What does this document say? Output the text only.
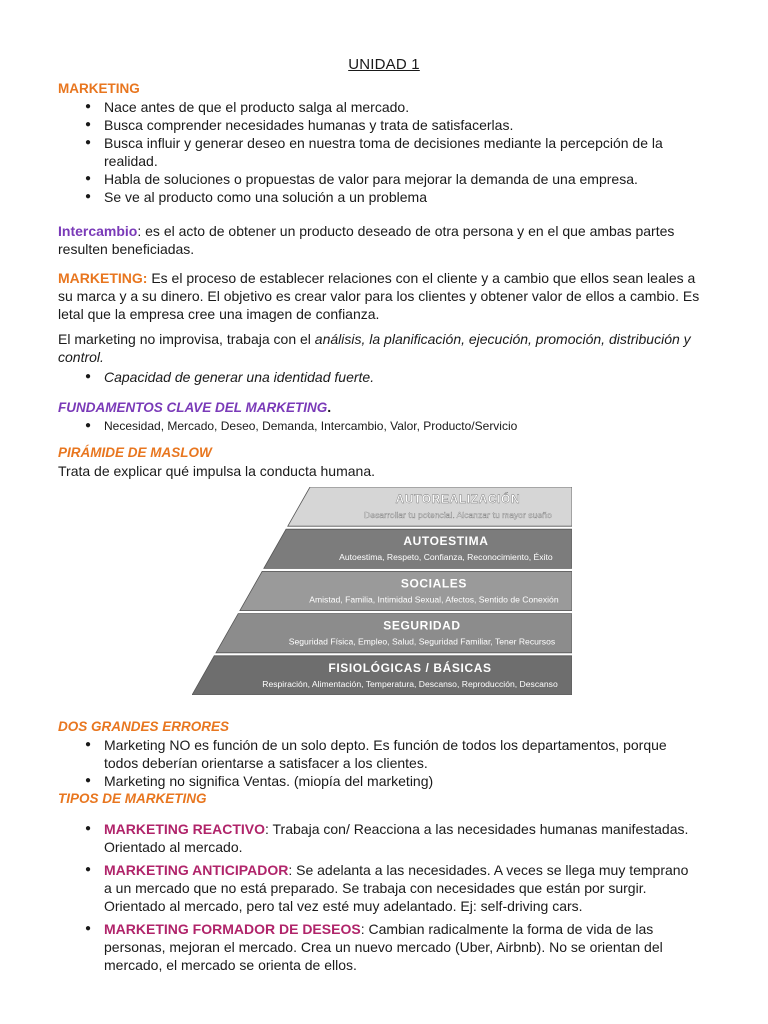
UNIDAD 1
MARKETING
● Nace antes de que el producto salga al mercado.
● Busca comprender necesidades humanas y trata de satisfacerlas.
● Busca influir y generar deseo en nuestra toma de decisiones mediante la percepción de la
realidad.
● Habla de soluciones o propuestas de valor para mejorar la demanda de una empresa.
● Se ve al producto como una solución a un problema
Intercambio: es el acto de obtener un producto deseado de otra persona y en el que ambas partes
resulten beneficiadas.
MARKETING: Es el proceso de establecer relaciones con el cliente y a cambio que ellos sean leales a
su marca y a su dinero. El objetivo es crear valor para los clientes y obtener valor de ellos a cambio. Es
letal que la empresa cree una imagen de confianza.
El marketing no improvisa, trabaja con el análisis, la planificación, ejecución, promoción, distribución y
control.
● Capacidad de generar una identidad fuerte.
FUNDAMENTOS CLAVE DEL MARKETING.
● Necesidad, Mercado, Deseo, Demanda, Intercambio, Valor, Producto/Servicio
PIRÁMIDE DE MASLOW
Trata de explicar qué impulsa la conducta humana.
AUTOREALIZACIÓN
Desarrollar tu potencial. Alcanzar tu mayor sueño
AUTOESTIMA
Autoestima, Respeto, Confianza, Reconocimiento, Éxito
SOCIALES
Amistad, Familia, Intimidad Sexual, Afectos, Sentido de Conexión
SEGURIDAD
Seguridad Física, Empleo, Salud, Seguridad Familiar, Tener Recursos
FISIOLÓGICAS / BÁSICAS
Respiración, Alimentación, Temperatura, Descanso, Reproducción, Descanso
DOS GRANDES ERRORES
● Marketing NO es función de un solo depto. Es función de todos los departamentos, porque
todos deberían orientarse a satisfacer a los clientes.
● Marketing no significa Ventas. (miopía del marketing)
TIPOS DE MARKETING
● MARKETING REACTIVO: Trabaja con/ Reacciona a las necesidades humanas manifestadas.
Orientado al mercado.
● MARKETING ANTICIPADOR: Se adelanta a las necesidades. A veces se llega muy temprano
a un mercado que no está preparado. Se trabaja con necesidades que están por surgir.
Orientado al mercado, pero tal vez esté muy adelantado. Ej: self-driving cars.
● MARKETING FORMADOR DE DESEOS: Cambian radicalmente la forma de vida de las
personas, mejoran el mercado. Crea un nuevo mercado (Uber, Airbnb). No se orientan del
mercado, el mercado se orienta de ellos.
